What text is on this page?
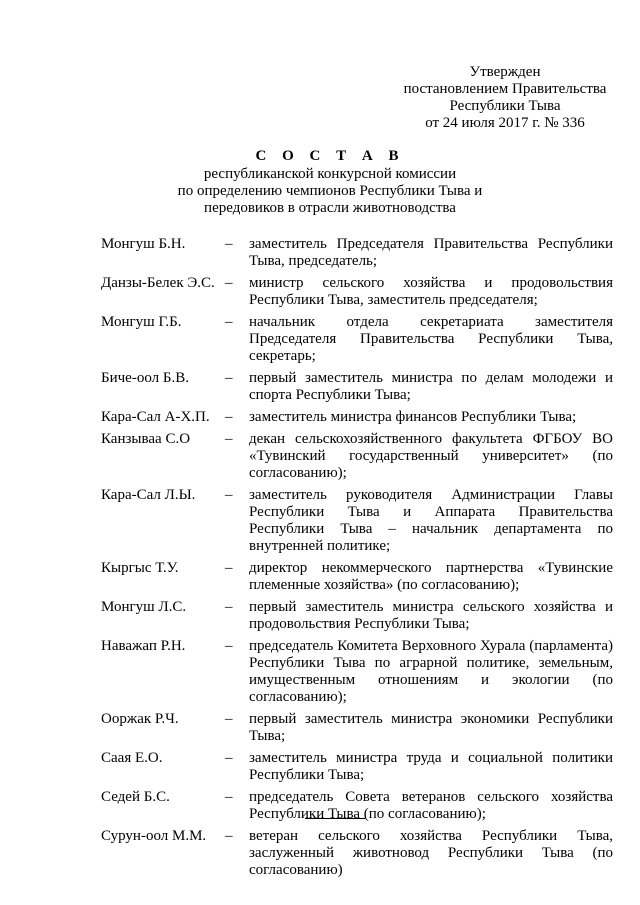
Утвержден
постановлением Правительства
Республики Тыва
от 24 июля 2017 г. № 336
С О С Т А В
республиканской конкурсной комиссии
по определению чемпионов Республики Тыва и
передовиков в отрасли животноводства
Монгуш Б.Н.	–	заместитель Председателя Правительства Республики Тыва, председатель;
Данзы-Белек Э.С. –	министр сельского хозяйства и продовольствия Республики Тыва, заместитель председателя;
Монгуш Г.Б.	–	начальник отдела секретариата заместителя Председателя Правительства Республики Тыва, секретарь;
Биче-оол Б.В.	–	первый заместитель министра по делам молодежи и спорта Республики Тыва;
Кара-Сал А-Х.П.	–	заместитель министра финансов Республики Тыва;
Канзываа С.О	–	декан сельскохозяйственного факультета ФГБОУ ВО «Тувинский государственный университет» (по согласованию);
Кара-Сал Л.Ы.	–	заместитель руководителя Администрации Главы Республики Тыва и Аппарата Правительства Республики Тыва – начальник департамента по внутренней политике;
Кыргыс Т.У.	–	директор некоммерческого партнерства «Тувинские племенные хозяйства» (по согласованию);
Монгуш Л.С.	–	первый заместитель министра сельского хозяйства и продовольствия Республики Тыва;
Наважап Р.Н.	–	председатель Комитета Верховного Хурала (парламента) Республики Тыва по аграрной политике, земельным, имущественным отношениям и экологии (по согласованию);
Ооржак Р.Ч.	–	первый заместитель министра экономики Республики Тыва;
Саая Е.О.	–	заместитель министра труда и социальной политики Республики Тыва;
Седей Б.С.	–	председатель Совета ветеранов сельского хозяйства Республики Тыва (по согласованию);
Сурун-оол М.М.	–	ветеран сельского хозяйства Республики Тыва, заслуженный животновод Республики Тыва (по согласованию)
